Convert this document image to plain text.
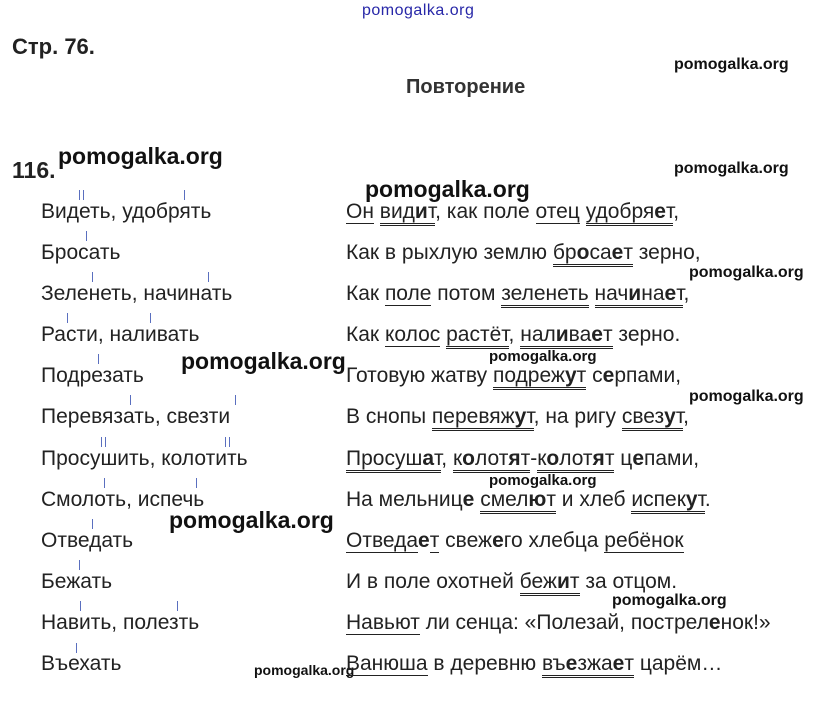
pomogalka.org
Стр. 76.
Повторение
116.
pomogalka.org
pomogalka.org	pomogalka.org
pomogalka.org
pomogalka.org
pomogalka.org	pomogalka.org
pomogalka.org
pomogalka.org
pomogalka.org
pomogalka.org
pomogalka.org
Видеть, удобрять
Бросать
Зеленеть, начинать
Расти, наливать
Подрезать
Перевязать, свезти
Просушить, колотить
Смолоть, испечь
Отведать
Бежать
Навить, полезть
Въехать
Он видит, как поле отец удобряет,
Как в рыхлую землю бросает зерно,
Как поле потом зеленеть начинает,
Как колос растёт, наливает зерно.
Готовую жатву подрежут серпами,
В снопы перевяжут, на ригу свезут,
Просушат, колотят-колотят цепами,
На мельнице смелют и хлеб испекут.
Отведает свежего хлебца ребёнок
И в поле охотней бежит за отцом.
Навьют ли сенца: «Полезай, постреленок!»
Ванюша в деревню въезжает царём…
